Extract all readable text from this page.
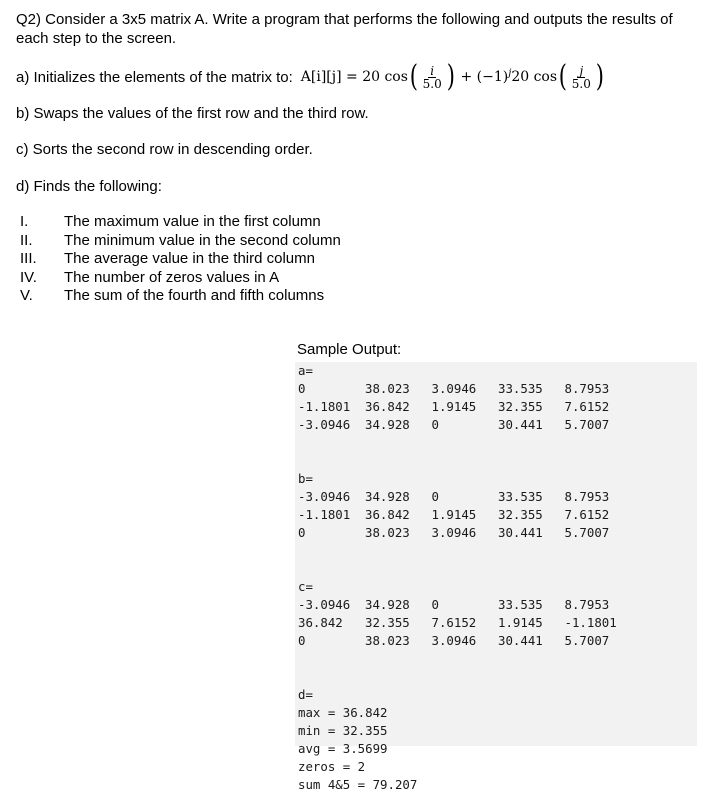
Q2) Consider a 3x5 matrix A. Write a program that performs the following and outputs the results of each step to the screen.
a) Initializes the elements of the matrix to: A[i][j] = 20 cos ( $\frac{i}{5.0}$ ) + $(-1)^j$ 20 cos ( $\frac{j}{5.0}$ )
b) Swaps the values of the first row and the third row.
c) Sorts the second row in descending order.
d) Finds the following:
I.	The maximum value in the first column
II.	The minimum value in the second column
III.	The average value in the third column
IV.	The number of zeros values in A
V.	The sum of the fourth and fifth columns
Sample Output:
a=
0	38.023	3.0946	33.535	8.7953
-1.1801	36.842	1.9145	32.355	7.6152
-3.0946	34.928	0	30.441	5.7007
b=
-3.0946	34.928	0	33.535	8.7953
-1.1801	36.842	1.9145	32.355	7.6152
0	38.023	3.0946	30.441	5.7007
c=
-3.0946	34.928	0	33.535	8.7953
36.842	32.355	7.6152	1.9145	-1.1801
0	38.023	3.0946	30.441	5.7007
d=
max = 36.842
min = 32.355
avg = 3.5699
zeros = 2
sum 4&5 = 79.207
